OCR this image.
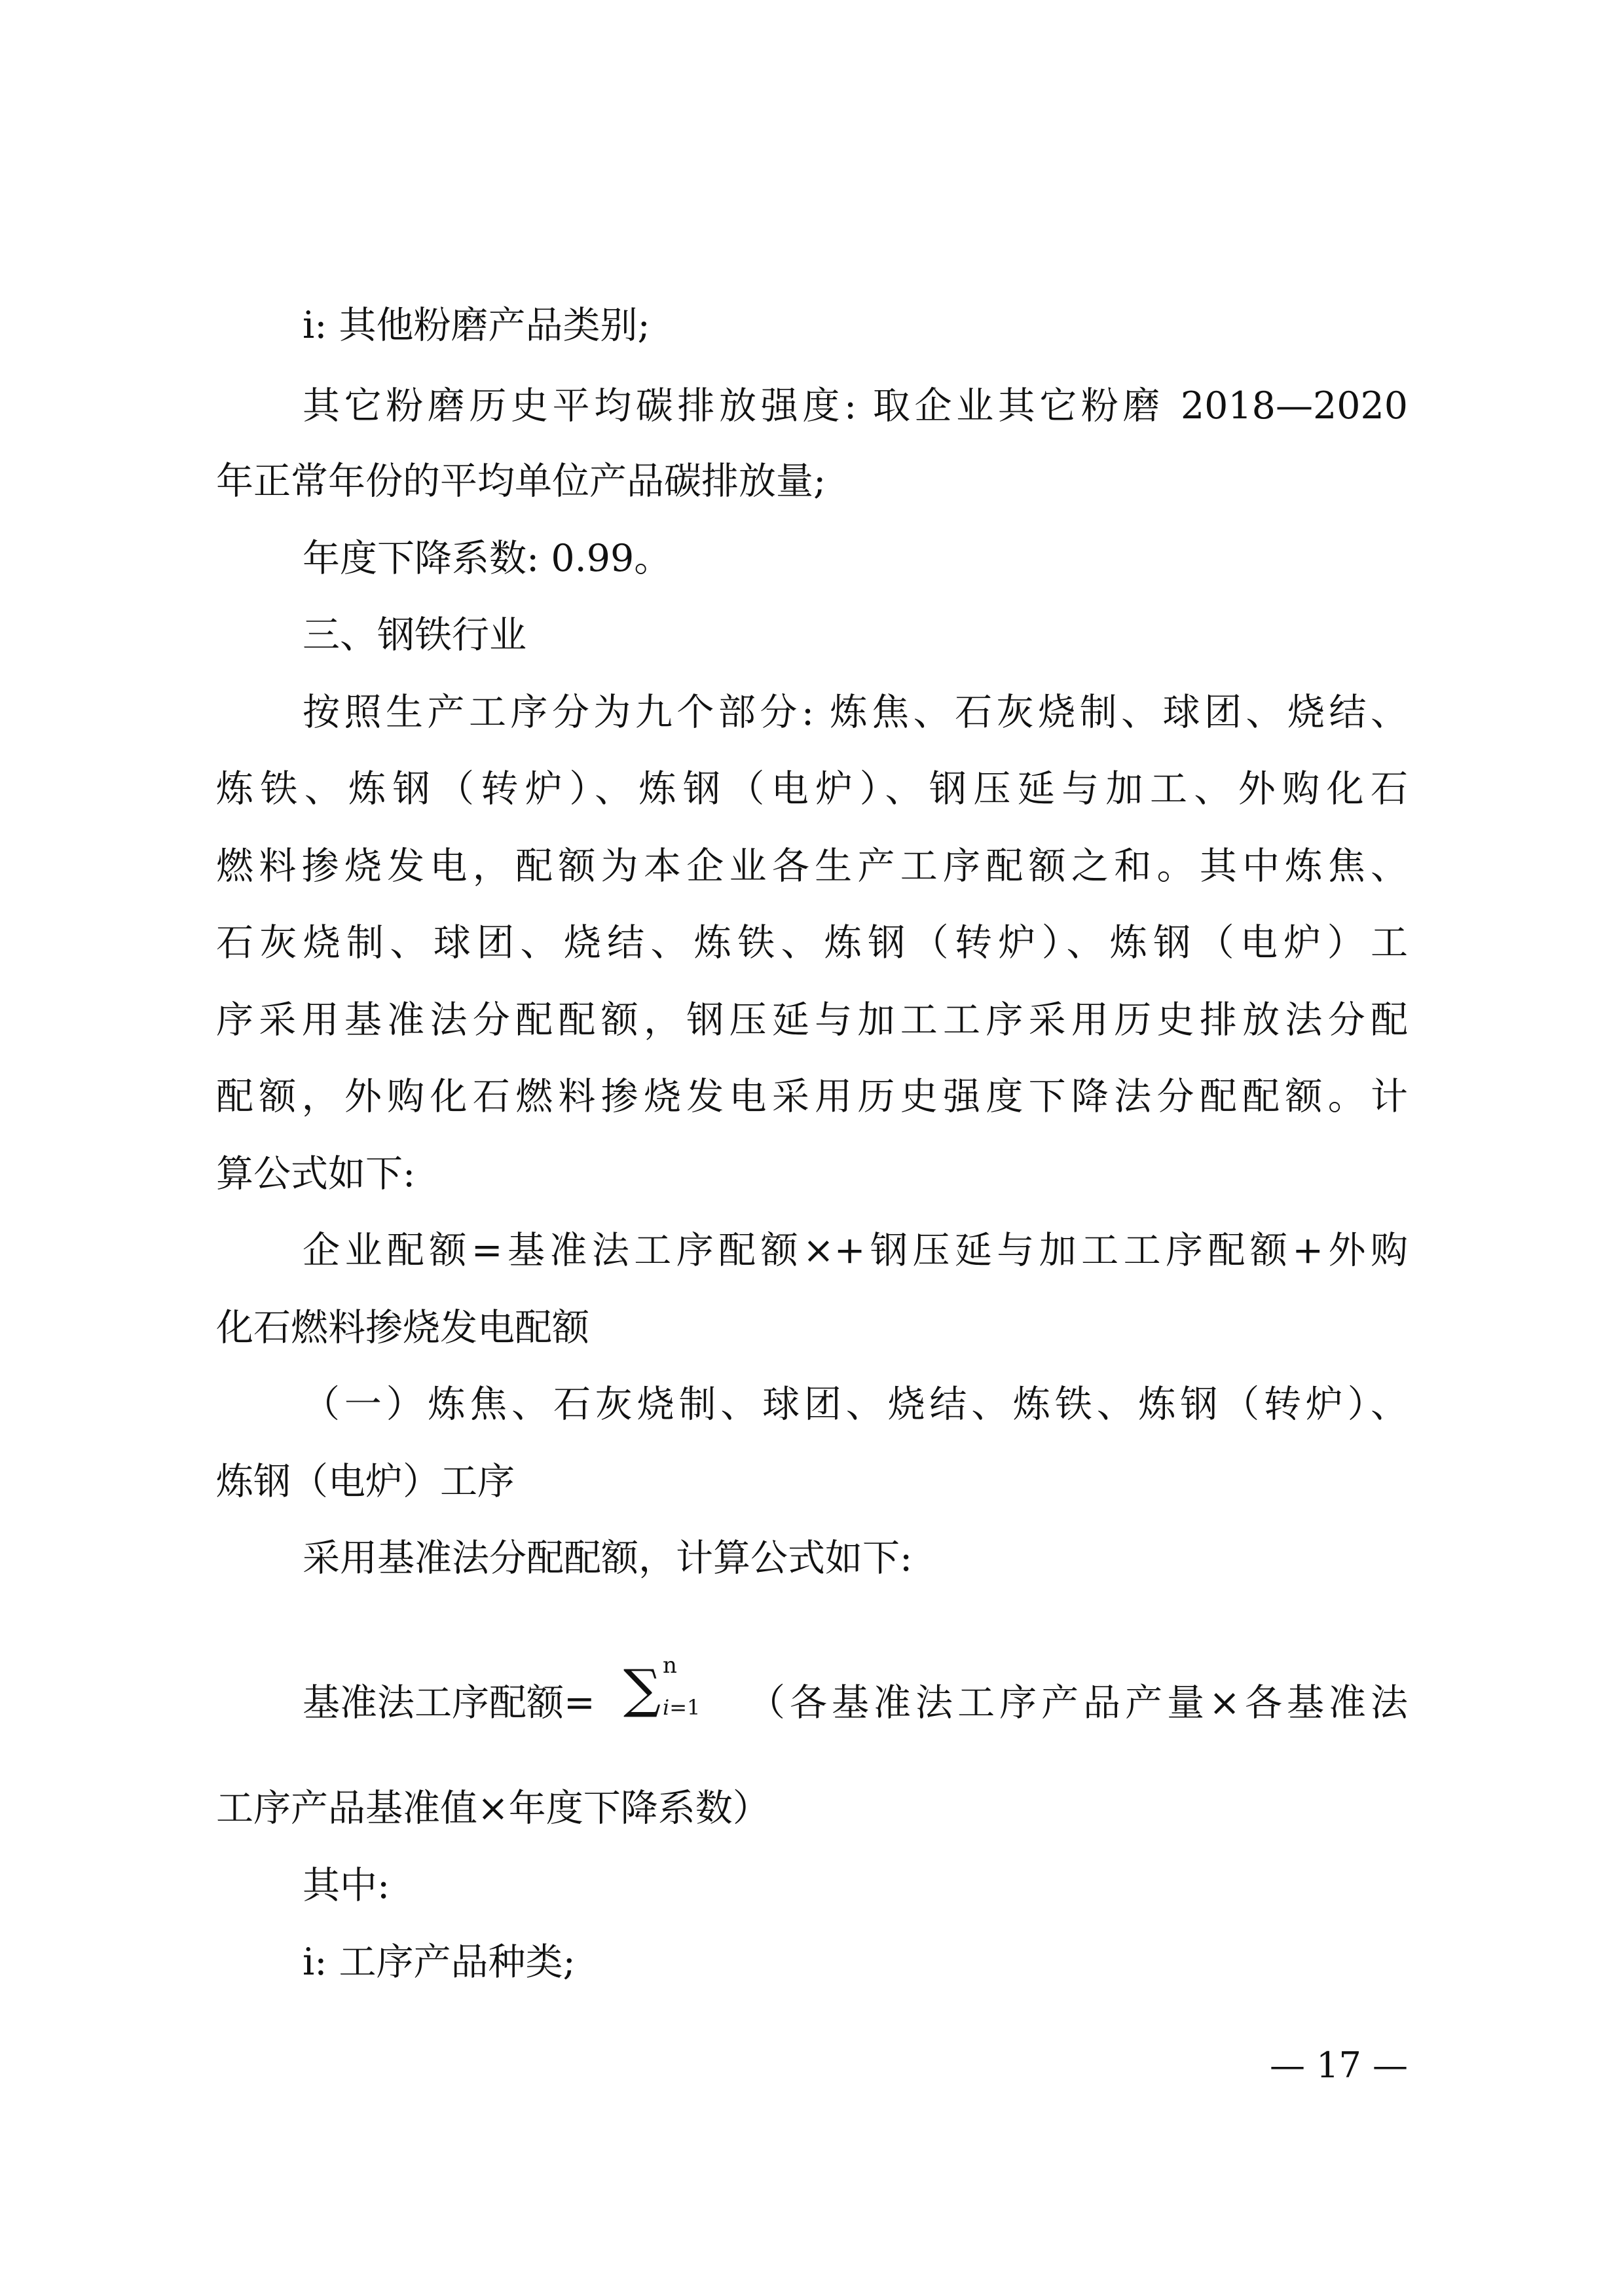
i: 其他粉磨产品类别;
其它粉磨历史平均碳排放强度: 取企业其它粉磨 2018—2020
年正常年份的平均单位产品碳排放量;
年度下降系数: 0.99。
三、钢铁行业
按照生产工序分为九个部分: 炼焦、石灰烧制、球团、烧结、
炼铁、炼钢（转炉）、炼钢（电炉）、钢压延与加工、外购化石
燃料掺烧发电，配额为本企业各生产工序配额之和。其中炼焦、
石灰烧制、球团、烧结、炼铁、炼钢（转炉）、炼钢（电炉）工
序采用基准法分配配额，钢压延与加工工序采用历史排放法分配
配额，外购化石燃料掺烧发电采用历史强度下降法分配配额。计
算公式如下:
企业配额=基准法工序配额×+钢压延与加工工序配额+外购
化石燃料掺烧发电配额
（一）炼焦、石灰烧制、球团、烧结、炼铁、炼钢（转炉）、
炼钢（电炉）工序
采用基准法分配配额，计算公式如下:
基准法工序配额= ∑ n
i=1 （各基准法工序产品产量×各基准法
工序产品基准值×年度下降系数）
其中:
i: 工序产品种类;
— 17 —
